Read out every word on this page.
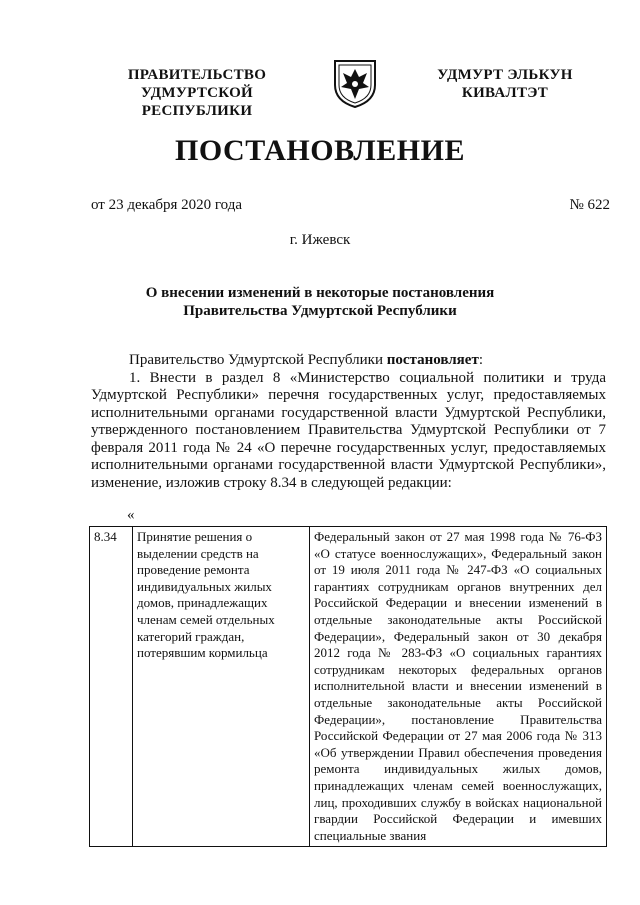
ПРАВИТЕЛЬСТВО
УДМУРТСКОЙ РЕСПУБЛИКИ
УДМУРТ ЭЛЬКУН
КИВАЛТЭТ
ПОСТАНОВЛЕНИЕ
от 23 декабря 2020 года	№ 622
г. Ижевск
О внесении изменений в некоторые постановления
Правительства Удмуртской Республики

Правительство Удмуртской Республики постановляет:

1. Внести в раздел 8 «Министерство социальной политики и труда Удмуртской Республики» перечня государственных услуг, предоставляемых исполнительными органами государственной власти Удмуртской Республики, утвержденного постановлением Правительства Удмуртской Республики от 7 февраля 2011 года № 24 «О перечне государственных услуг, предоставляемых исполнительными органами государственной власти Удмуртской Республики», изменение, изложив строку 8.34 в следующей редакции:

«
8.34	Принятие решения о выделении средств на проведение ремонта индивидуальных жилых домов, принадлежащих членам семей отдельных категорий граждан, потерявшим кормильца	Федеральный закон от 27 мая 1998 года № 76-ФЗ «О статусе военнослужащих», Федеральный закон от 19 июля 2011 года № 247-ФЗ «О социальных гарантиях сотрудникам органов внутренних дел Российской Федерации и внесении изменений в отдельные законодательные акты Российской Федерации», Федеральный закон от 30 декабря 2012 года № 283-ФЗ «О социальных гарантиях сотрудникам некоторых федеральных органов исполнительной власти и внесении изменений в отдельные законодательные акты Российской Федерации», постановление Правительства Российской Федерации от 27 мая 2006 года № 313 «Об утверждении Правил обеспечения проведения ремонта индивидуальных жилых домов, принадлежащих членам семей военнослужащих, лиц, проходивших службу в войсках национальной гвардии Российской Федерации и имевших специальные звания
